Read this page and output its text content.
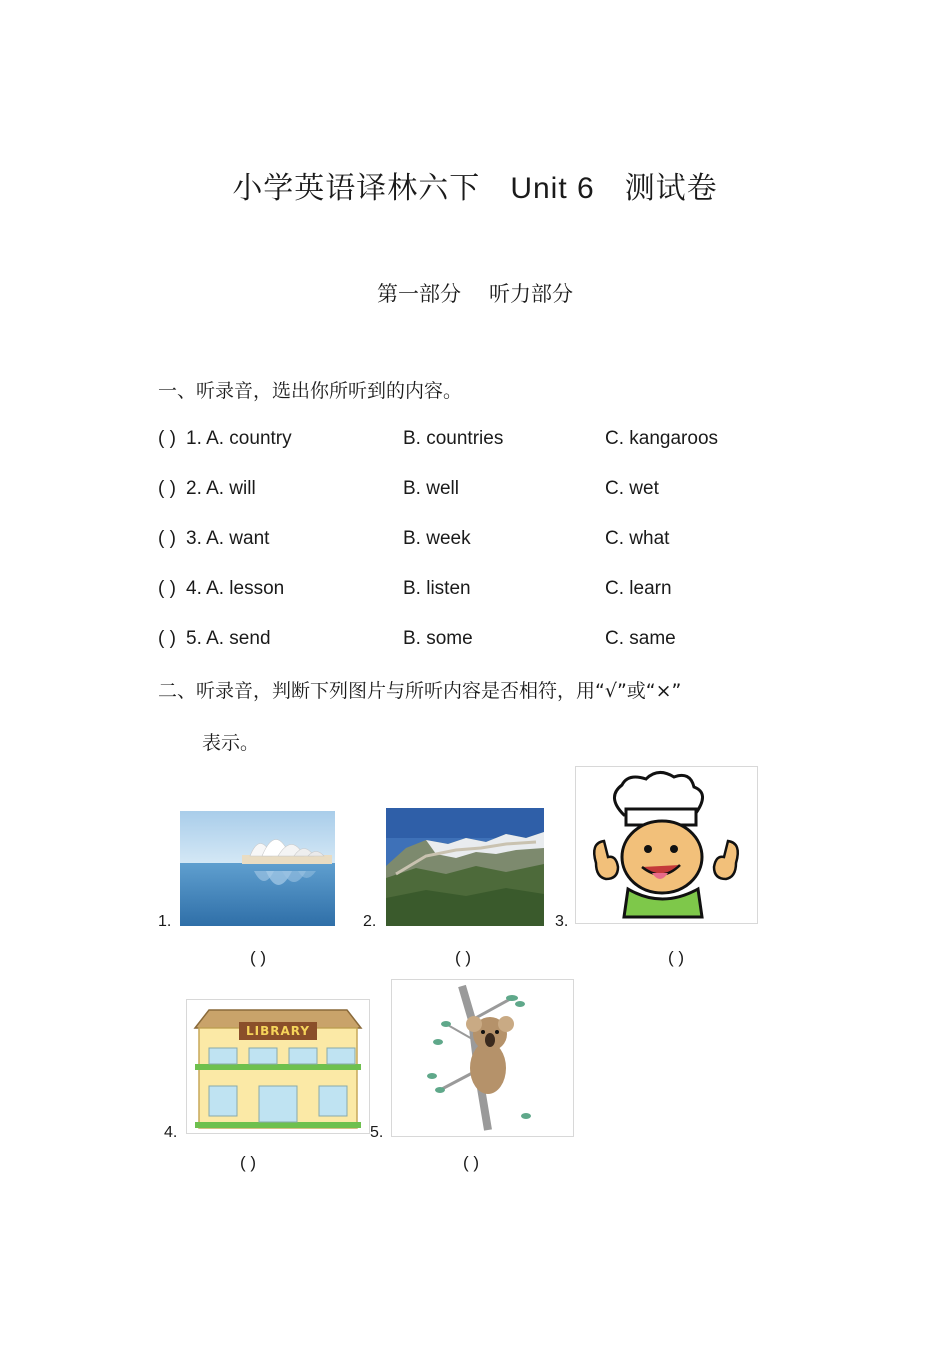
小学英语译林六下 Unit 6 测试卷
第一部分 听力部分
一、听录音，选出你所听到的内容。
( ) 1. A. country	B. countries	C. kangaroos
( ) 2. A. will	B. well	C. wet
( ) 3. A. want	B. week	C. what
( ) 4. A. lesson	B. listen	C. learn
( ) 5. A. send	B. some	C. same
二、听录音，判断下列图片与所听内容是否相符，用“√”或“×”
表示。
1.
( )
2.
( )
3.
( )
4.
LIBRARY
( )
5.
( )
